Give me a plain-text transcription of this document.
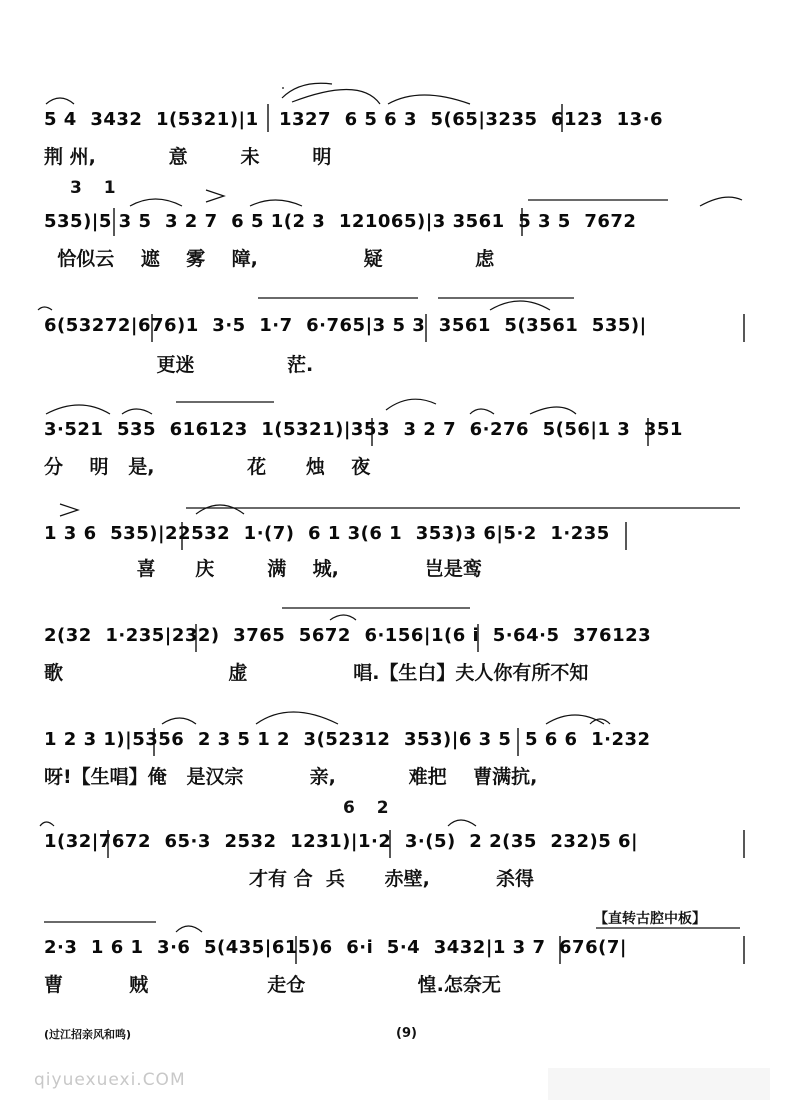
5 4  3432  1(5321)|1   1327  6 5 6 3  5(65|3235  6123  13·6
荆 州,           意        未        明
3 1
535)|5 3 5  3 2 7  6 5 1(2 3  121065)|3 3561  5 3 5  7672
恰似云    遮    雾    障,                疑              虑
6(53272|676)1  3·5  1·7  6·765|3 5 3  3561  5(3561  535)|
更迷              茫.
3·521  535  616123  1(5321)|353  3 2 7  6·276  5(56|1 3  351
分    明   是,              花      烛    夜
1 3 6  535)|22532  1·(7)  6 1 3(6 1  353)3 6|5·2  1·235
喜      庆        满    城,             岂是鸾
2(32  1·235|232)  3765  5672  6·156|1(6 i  5·64·5  376123
歌                         虚                唱.【生白】夫人你有所不知
1 2 3 1)|5356  2 3 5 1 2  3(52312  353)|6 3 5  5 6 6  1·232
呀!【生唱】俺   是汉宗          亲,           难把    曹满抗,
6 2
1(32|7672  65·3  2532  1231)|1·2  3·(5)  2 2(35  232)5 6|
才有 合  兵      赤壁,          杀得
【直转古腔中板】
2·3  1 6 1  3·6  5(435|615)6  6·i  5·4  3432|1 3 7  676(7|
曹          贼                  走仓                 惶.怎奈无
(过江招亲风和鸣)	(9)
qiyuexuexi.COM
